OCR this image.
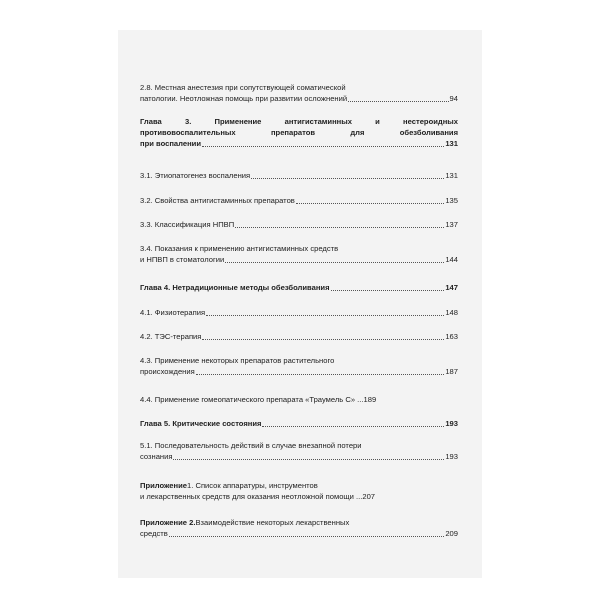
2.8. Местная анестезия при сопутствующей соматической
патологии. Неотложная помощь при развитии осложнений	94
Глава 3. Применение антигистаминных и нестероидных
противовоспалительных препаратов для обезболивания
при воспалении	131
3.1. Этиопатогенез воспаления	131
3.2. Свойства антигистаминных препаратов	135
3.3. Классификация НПВП	137
3.4. Показания к применению антигистаминных средств
и НПВП в стоматологии	144
Глава 4. Нетрадиционные методы обезболивания	147
4.1. Физиотерапия	148
4.2. ТЭС-терапия	163
4.3. Применение некоторых препаратов растительного
происхождения	187
4.4. Применение гомеопатического препарата «Траумель С» ...189
Глава 5. Критические состояния	193
5.1. Последовательность действий в случае внезапной потери
сознания	193
Приложение 1. Список аппаратуры, инструментов
и лекарственных средств для оказания неотложной помощи ...207
Приложение 2. Взаимодействие некоторых лекарственных
средств	209
